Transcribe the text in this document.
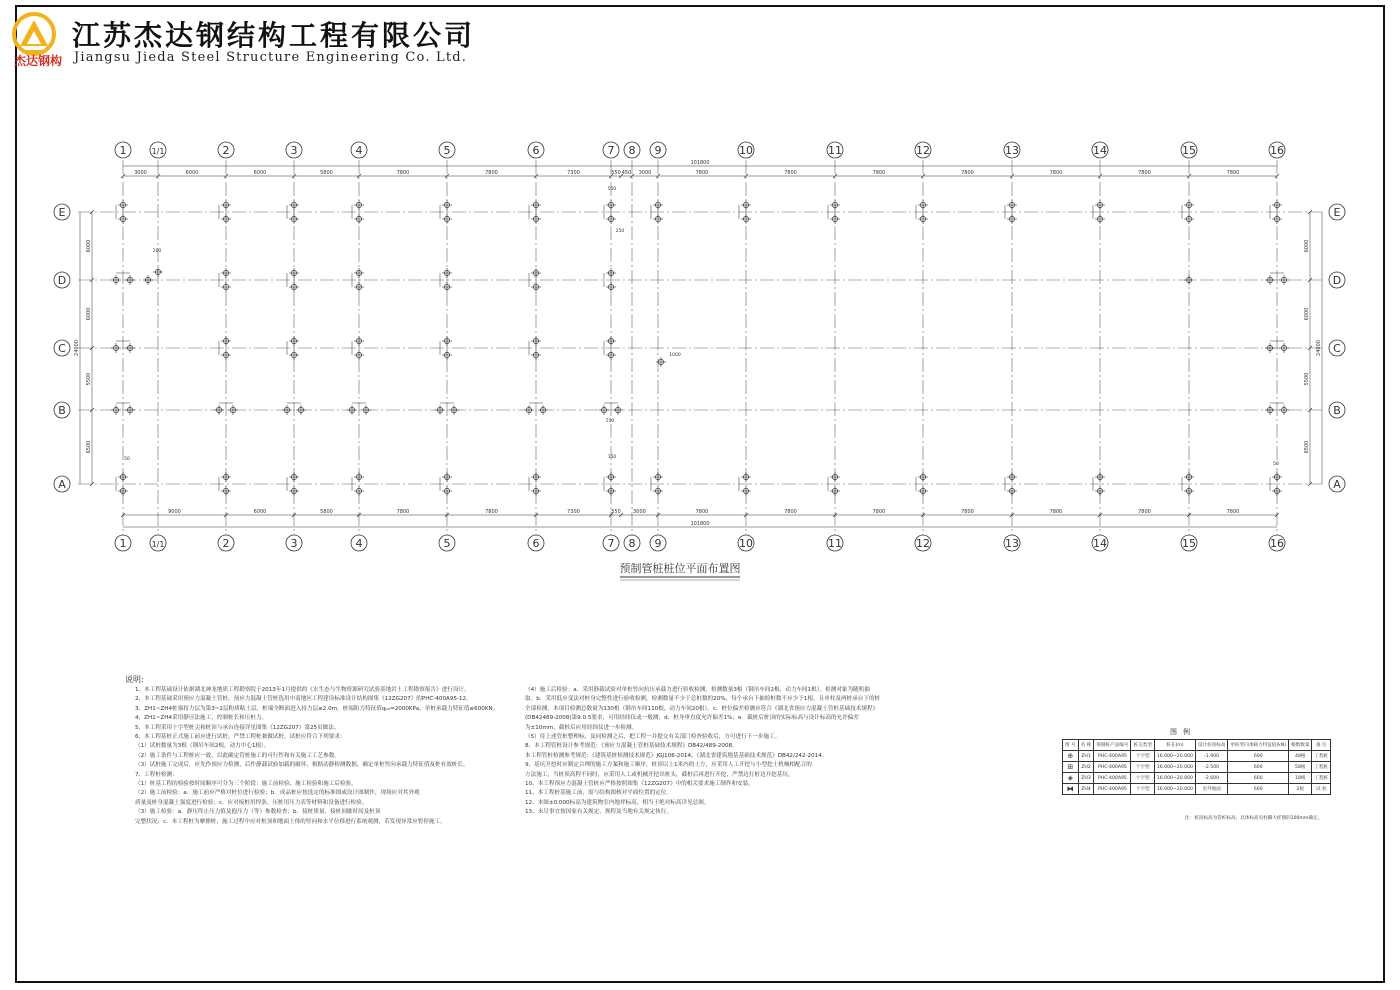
杰达钢构
江苏杰达钢结构工程有限公司
Jiangsu Jieda Steel Structure Engineering Co. Ltd.
E	E
D	D
C	C
B	B
A	A
1
1
1/1
1/1
2
2
3
3
4
4
5
5
6
6
7
7
8
8
9
9
10
10
11
11
12
12
13
13
14
14
15
15
16
16
3000	6000	6000	5800	7800	7800	7300	550 450 3000	7800	7800	7800	7800	7800	7800	7800
101800
9000	6000	5800	7800	7800	7300	550 3000	7800	7800	7800	7800	7800	7800	7800
101800
6000
6000
5500
6500
6000
6000
5500
6500
24000	24000
550
250
200
50
1000
150
550
50
预制管桩桩位平面布置图
说明:
1、本工程基础设计依据湖北神龙地质工程勘察院于2013年1月提供的《水生态与生物资源研究试验基地岩土工程勘察报告》进行设计。
2、本工程基础采用预应力混凝土管桩，预应力混凝土管桩选用中南地区工程建设标准设计结构图集《12ZG207》的PHC-400A95-12。
3、ZH1~ZH4桩端持力层为第3~2层粉质粘土层，桩端全断面进入持力层≥2.0m，桩端阻力特征值qₚₐ=2000KPa，单桩承载力特征值≥600KN。
4、ZH1~ZH4采用静压法施工，控制桩长和压桩力。
5、本工程采用十字型桩尖和桩顶与承台连接详见图集《12ZG207》第25页做法。
6、本工程基桩正式施工前应进行试桩，严禁工程桩兼做试桩，试桩应符合下列要求：
（1）试桩数量为3根（钢吊车间2根，动力中心1根）。
（2）施工条件与工程桩应一致，以此确定管桩施工的可行性和有关施工工艺参数。
（3）试桩施工完成后，应先作预应力检测，后作静载试验加载的破坏，根据动静检测数据，确定单桩竖向承载力特征值及桩有效桩长。
7、工程桩检测：
（1）桩基工程的检验按时间顺序可分为三个阶段：施工前检验、施工检验和施工后检验。
（2）施工前检验：a．施工前应严格对桩位进行检验；b．成品桩应按选定的标准图或设计图制作，现场应对其外观
质量及桩身混凝土强度进行检验；c．应对接桩用焊条、压桩用压力表等材料和设备进行检验。
（3）施工检验：a．静压终止压力值及抱压力（等）参数检查；b．接桩质量、接桩间歇时间及桩顶
完整状况；c．本工程桩为摩擦桩，施工过程中应对桩顶和地面土体的竖向和水平位移进行系统观测，若发现异常应暂停施工。
（4）施工后检验：a．采用静载试验对单桩竖向抗压承载力进行验收检测，检测数量3根（钢吊车间2根，动力车间1根）。检测对象为随机抽
取。b．采用低应变法对桩身完整性进行验收检测，检测数量不少于总桩数的20%，每个承台下抽检桩数不应少于1根，且单柱及两桩承台下的桩
全部检测。本项目检测总数量为130根（钢吊车间110根，动力车间20根）。c．桩位偏差检测应符合《湖北省预应力混凝土管桩基础技术规程》
(DB42489-2008)第9.0.5要求，可用经纬仪或一般测；d．桩身垂直度允许偏差1%；e．截桩后桩顶的实际标高与设计标高的允许偏差
为±10mm，截桩后应用经纬仪进一步检测。
（5）待上述管桩整理标，及同检测之后，把工程一并提交有关部门检查验收后，方可进行下一步施工。
8、本工程管桩设计参考规范：《预应力混凝土管桩基础技术规程》DB42/489-2008。
本工程管桩检测参考规范：《建筑基桩检测技术规范》JGJ106-2014，《湖北省建筑地基基础技术规范》DB42/242-2014。
9、基坑开挖时应制定合理的施工方案和施工顺序，桩顶以上1米内的土方，应采用人工开挖与小型挖土机械相配合的
方法施工，当桩顶高程不同时，应采用人工或机械开挖出桩头，截桩后再进行开挖，严禁边打桩边开挖基坑。
10、本工程预应力混凝土管桩应严格按照图集《12ZG207》中的相关要求施工制作和安装。
11、本工程桩基施工前，需与结构图核对平面位置的定位。
12、本图±0.000标高为建筑物室内地坪标高，相当于绝对标高详见总图。
13、未尽事宜按国家有关规定、规程及当地有关规定执行。
图例
图 号	名 称	预制桩产品编号	桩尖类型	桩长(m)	设计桩顶标高	单桩竖向承载力特征值(kN)	根数数量	备 注
⊕	ZH1	PHC-400A95	十字型	16.000~20.000	-1.900	600	48根	工程桩
⊞	ZH2	PHC-400A95	十字型	16.000~20.000	-2.500	600	58根	工程桩
◈	ZH3	PHC-400A95	十字型	16.000~20.000	-2.600	600	18根	工程桩
⧓	ZH4	PHC-400A95	十字型	16.000~20.000	室外地面	600	2根	试 桩
注：桩顶标高为管桩标高，具体标高见柱脚大样图的100mm确定。
